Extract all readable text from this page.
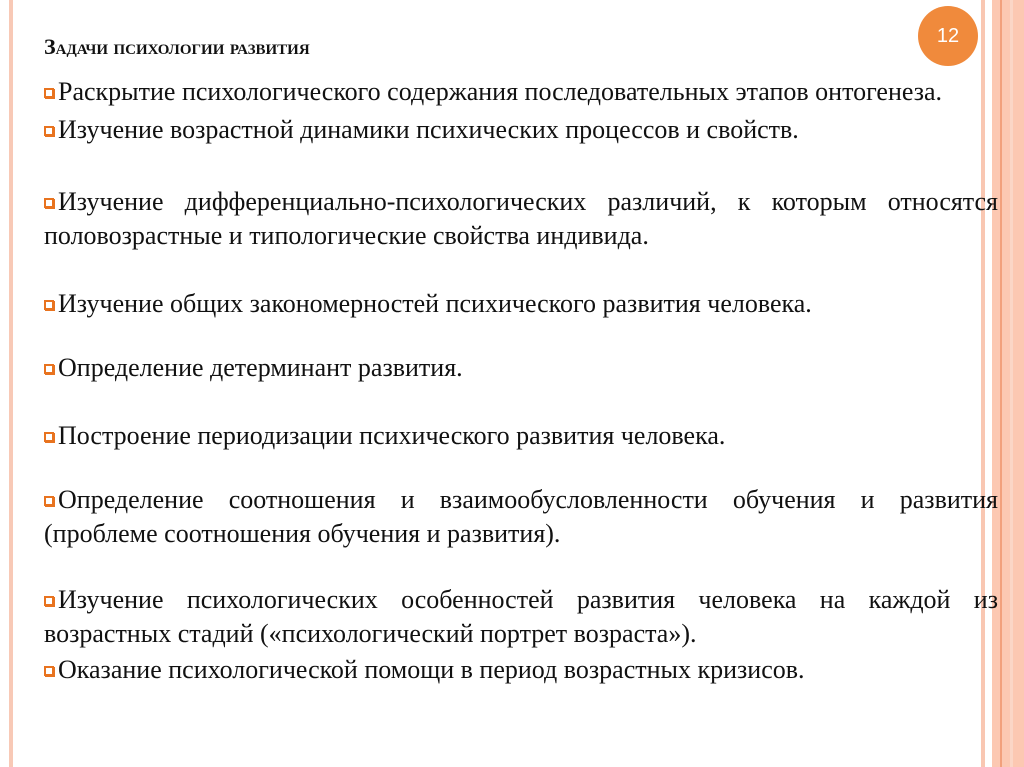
Задачи психологии развития
Раскрытие психологического содержания последовательных этапов онтогенеза.
Изучение возрастной динамики психических процессов и свойств.
Изучение дифференциально-психологических различий, к которым относятся половозрастные и типологические свойства индивида.
Изучение общих закономерностей психического развития человека.
Определение детерминант развития.
Построение периодизации психического развития человека.
Определение соотношения и взаимообусловленности обучения и развития (проблеме соотношения обучения и развития).
Изучение психологических особенностей развития человека на каждой из возрастных стадий («психологический портрет возраста»).
Оказание психологической помощи в период возрастных кризисов.
12
